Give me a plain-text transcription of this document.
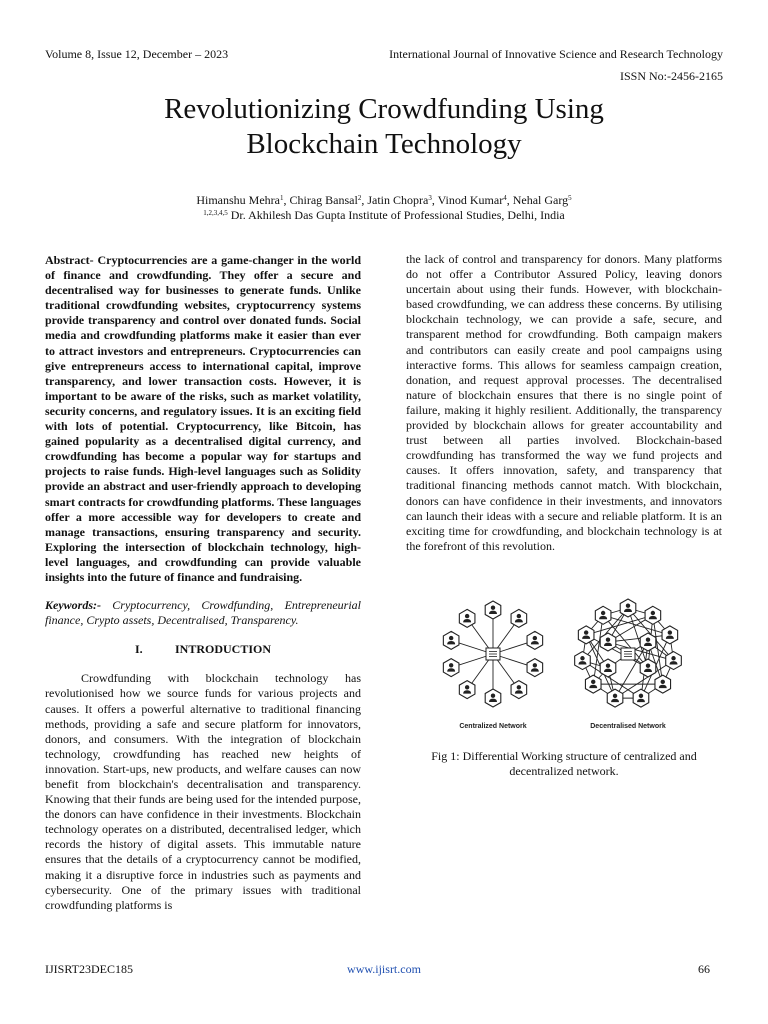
Volume 8, Issue 12, December – 2023	International Journal of Innovative Science and Research Technology
ISSN No:-2456-2165
Revolutionizing Crowdfunding Using
Blockchain Technology
Himanshu Mehra$^1$, Chirag Bansal$^2$, Jatin Chopra$^3$, Vinod Kumar$^4$, Nehal Garg$^5$
$^{1,2,3,4,5}$ Dr. Akhilesh Das Gupta Institute of Professional Studies, Delhi, India

Abstract- Cryptocurrencies are a game-changer in the world of finance and crowdfunding. They offer a secure and decentralised way for businesses to generate funds. Unlike traditional crowdfunding websites, cryptocurrency systems provide transparency and control over donated funds. Social media and crowdfunding platforms make it easier than ever to attract investors and entrepreneurs. Cryptocurrencies can give entrepreneurs access to international capital, improve transparency, and lower transaction costs. However, it is important to be aware of the risks, such as market volatility, security concerns, and regulatory issues. It is an exciting field with lots of potential. Cryptocurrency, like Bitcoin, has gained popularity as a decentralised digital currency, and crowdfunding has become a popular way for startups and projects to raise funds. High-level languages such as Solidity provide an abstract and user-friendly approach to developing smart contracts for crowdfunding platforms. These languages offer a more accessible way for developers to create and manage transactions, ensuring transparency and security. Exploring the intersection of blockchain technology, high-level languages, and crowdfunding can provide valuable insights into the future of finance and fundraising.

Keywords:- Cryptocurrency, Crowdfunding, Entrepreneurial finance, Crypto assets, Decentralised, Transparency.

I.	INTRODUCTION

Crowdfunding with blockchain technology has revolutionised how we source funds for various projects and causes. It offers a powerful alternative to traditional financing methods, providing a safe and secure platform for innovators, donors, and consumers. With the integration of blockchain technology, crowdfunding has reached new heights of innovation. Start-ups, new products, and welfare causes can now benefit from blockchain's decentralisation and transparency. Knowing that their funds are being used for the intended purpose, the donors can have confidence in their investments. Blockchain technology operates on a distributed, decentralised ledger, which records the history of digital assets. This immutable nature ensures that the details of a cryptocurrency cannot be modified, making it a disruptive force in industries such as payments and cybersecurity. One of the primary issues with traditional crowdfunding platforms is

the lack of control and transparency for donors. Many platforms do not offer a Contributor Assured Policy, leaving donors uncertain about using their funds. However, with blockchain-based crowdfunding, we can address these concerns. By utilising blockchain technology, we can provide a safe, secure, and transparent method for crowdfunding. Both campaign makers and contributors can easily create and pool campaigns using interactive forms. This allows for seamless campaign creation, donation, and request approval processes. The decentralised nature of blockchain ensures that there is no single point of failure, making it highly resilient. Additionally, the transparency provided by blockchain allows for greater accountability and trust between all parties involved. Blockchain-based crowdfunding has transformed the way we fund projects and causes. It offers innovation, safety, and transparency that traditional financing methods cannot match. With blockchain, donors can have confidence in their investments, and innovators can launch their ideas with a secure and reliable platform. It is an exciting time for crowdfunding, and blockchain technology is at the forefront of this revolution.

Centralized Network	Decentralised Network
Fig 1: Differential Working structure of centralized and decentralized network.
IJISRT23DEC185	www.ijisrt.com	66
